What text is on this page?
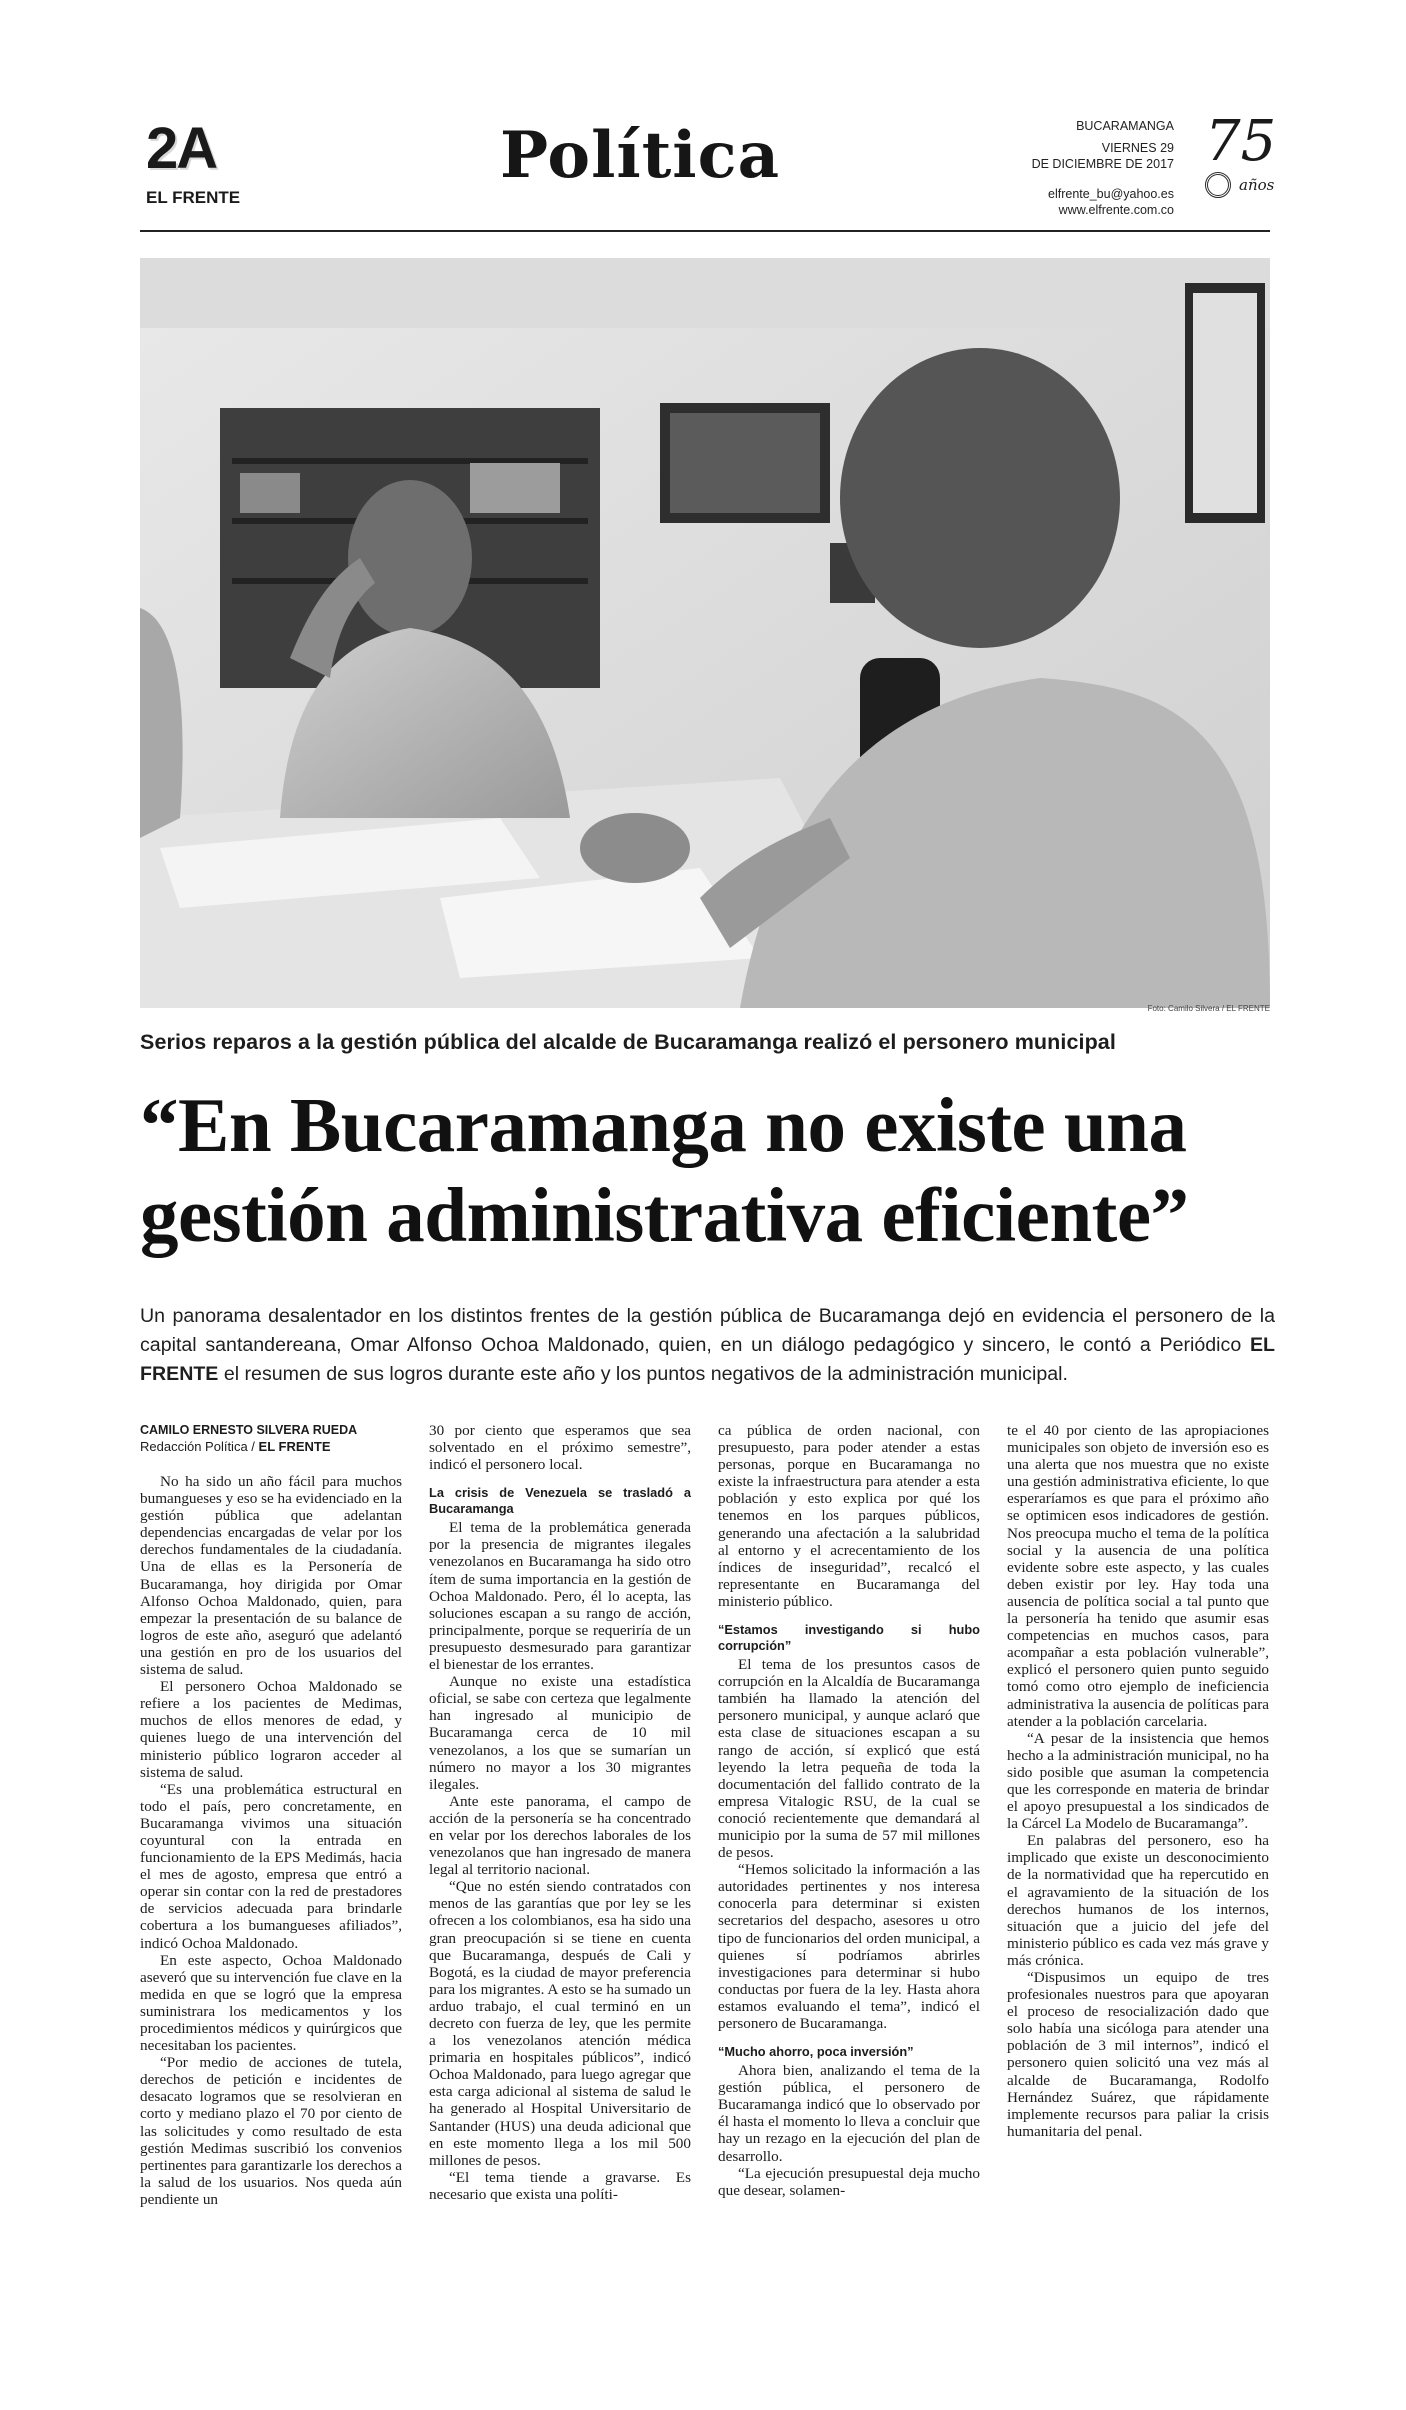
2A
EL FRENTE
Política	BUCARAMANGA
VIERNES 29
DE DICIEMBRE DE 2017
elfrente_bu@yahoo.es
www.elfrente.com.co
75
años
Foto: Camilo Silvera / EL FRENTE
Serios reparos a la gestión pública del alcalde de Bucaramanga realizó el personero municipal
“En Bucaramanga no existe una
gestión administrativa eficiente”
Un panorama desalentador en los distintos frentes de la gestión pública de Bucaramanga dejó en evidencia el personero de la capital santandereana, Omar Alfonso Ochoa Maldonado, quien, en un diálogo pedagógico y sincero, le contó a Periódico EL FRENTE el resumen de sus logros durante este año y los puntos negativos de la administración municipal.
CAMILO ERNESTO SILVERA RUEDA
Redacción Política / EL FRENTE

No ha sido un año fácil para muchos bumangueses y eso se ha evidenciado en la gestión pública que adelantan dependencias encargadas de velar por los derechos fundamentales de la ciudadanía. Una de ellas es la Personería de Bucaramanga, hoy dirigida por Omar Alfonso Ochoa Maldonado, quien, para empezar la presentación de su balance de logros de este año, aseguró que adelantó una gestión en pro de los usuarios del sistema de salud.

El personero Ochoa Maldonado se refiere a los pacientes de Medimas, muchos de ellos menores de edad, y quienes luego de una intervención del ministerio público lograron acceder al sistema de salud.

“Es una problemática estructural en todo el país, pero concretamente, en Bucaramanga vivimos una situación coyuntural con la entrada en funcionamiento de la EPS Medimás, hacia el mes de agosto, empresa que entró a operar sin contar con la red de prestadores de servicios adecuada para brindarle cobertura a los bumangueses afiliados”, indicó Ochoa Maldonado.

En este aspecto, Ochoa Maldonado aseveró que su intervención fue clave en la medida en que se logró que la empresa suministrara los medicamentos y los procedimientos médicos y quirúrgicos que necesitaban los pacientes.

“Por medio de acciones de tutela, derechos de petición e incidentes de desacato logramos que se resolvieran en corto y mediano plazo el 70 por ciento de las solicitudes y como resultado de esta gestión Medimas suscribió los convenios pertinentes para garantizarle los derechos a la salud de los usuarios. Nos queda aún pendiente un

30 por ciento que esperamos que sea solventado en el próximo semestre”, indicó el personero local.

La crisis de Venezuela se trasladó a Bucaramanga

El tema de la problemática generada por la presencia de migrantes ilegales venezolanos en Bucaramanga ha sido otro ítem de suma importancia en la gestión de Ochoa Maldonado. Pero, él lo acepta, las soluciones escapan a su rango de acción, principalmente, porque se requeriría de un presupuesto desmesurado para garantizar el bienestar de los errantes.

Aunque no existe una estadística oficial, se sabe con certeza que legalmente han ingresado al municipio de Bucaramanga cerca de 10 mil venezolanos, a los que se sumarían un número no mayor a los 30 migrantes ilegales.

Ante este panorama, el campo de acción de la personería se ha concentrado en velar por los derechos laborales de los venezolanos que han ingresado de manera legal al territorio nacional.

“Que no estén siendo contratados con menos de las garantías que por ley se les ofrecen a los colombianos, esa ha sido una gran preocupación si se tiene en cuenta que Bucaramanga, después de Cali y Bogotá, es la ciudad de mayor preferencia para los migrantes. A esto se ha sumado un arduo trabajo, el cual terminó en un decreto con fuerza de ley, que les permite a los venezolanos atención médica primaria en hospitales públicos”, indicó Ochoa Maldonado, para luego agregar que esta carga adicional al sistema de salud le ha generado al Hospital Universitario de Santander (HUS) una deuda adicional que en este momento llega a los mil 500 millones de pesos.

“El tema tiende a gravarse. Es necesario que exista una políti-

ca pública de orden nacional, con presupuesto, para poder atender a estas personas, porque en Bucaramanga no existe la infraestructura para atender a esta población y esto explica por qué los tenemos en los parques públicos, generando una afectación a la salubridad al entorno y el acrecentamiento de los índices de inseguridad”, recalcó el representante en Bucaramanga del ministerio público.

“Estamos investigando si hubo corrupción”

El tema de los presuntos casos de corrupción en la Alcaldía de Bucaramanga también ha llamado la atención del personero municipal, y aunque aclaró que esta clase de situaciones escapan a su rango de acción, sí explicó que está leyendo la letra pequeña de toda la documentación del fallido contrato de la empresa Vitalogic RSU, de la cual se conoció recientemente que demandará al municipio por la suma de 57 mil millones de pesos.

“Hemos solicitado la información a las autoridades pertinentes y nos interesa conocerla para determinar si existen secretarios del despacho, asesores u otro tipo de funcionarios del orden municipal, a quienes sí podríamos abrirles investigaciones para determinar si hubo conductas por fuera de la ley. Hasta ahora estamos evaluando el tema”, indicó el personero de Bucaramanga.

“Mucho ahorro, poca inversión”

Ahora bien, analizando el tema de la gestión pública, el personero de Bucaramanga indicó que lo observado por él hasta el momento lo lleva a concluir que hay un rezago en la ejecución del plan de desarrollo.

“La ejecución presupuestal deja mucho que desear, solamen-

te el 40 por ciento de las apropiaciones municipales son objeto de inversión eso es una alerta que nos muestra que no existe una gestión administrativa eficiente, lo que esperaríamos es que para el próximo año se optimicen esos indicadores de gestión. Nos preocupa mucho el tema de la política social y la ausencia de una política evidente sobre este aspecto, y las cuales deben existir por ley. Hay toda una ausencia de política social a tal punto que la personería ha tenido que asumir esas competencias en muchos casos, para acompañar a esta población vulnerable”, explicó el personero quien punto seguido tomó como otro ejemplo de ineficiencia administrativa la ausencia de políticas para atender a la población carcelaria.

“A pesar de la insistencia que hemos hecho a la administración municipal, no ha sido posible que asuman la competencia que les corresponde en materia de brindar el apoyo presupuestal a los sindicados de la Cárcel La Modelo de Bucaramanga”.

En palabras del personero, eso ha implicado que existe un desconocimiento de la normatividad que ha repercutido en el agravamiento de la situación de los derechos humanos de los internos, situación que a juicio del jefe del ministerio público es cada vez más grave y más crónica.

“Dispusimos un equipo de tres profesionales nuestros para que apoyaran el proceso de resocialización dado que solo había una sicóloga para atender una población de 3 mil internos”, indicó el personero quien solicitó una vez más al alcalde de Bucaramanga, Rodolfo Hernández Suárez, que rápidamente implemente recursos para paliar la crisis humanitaria del penal.
